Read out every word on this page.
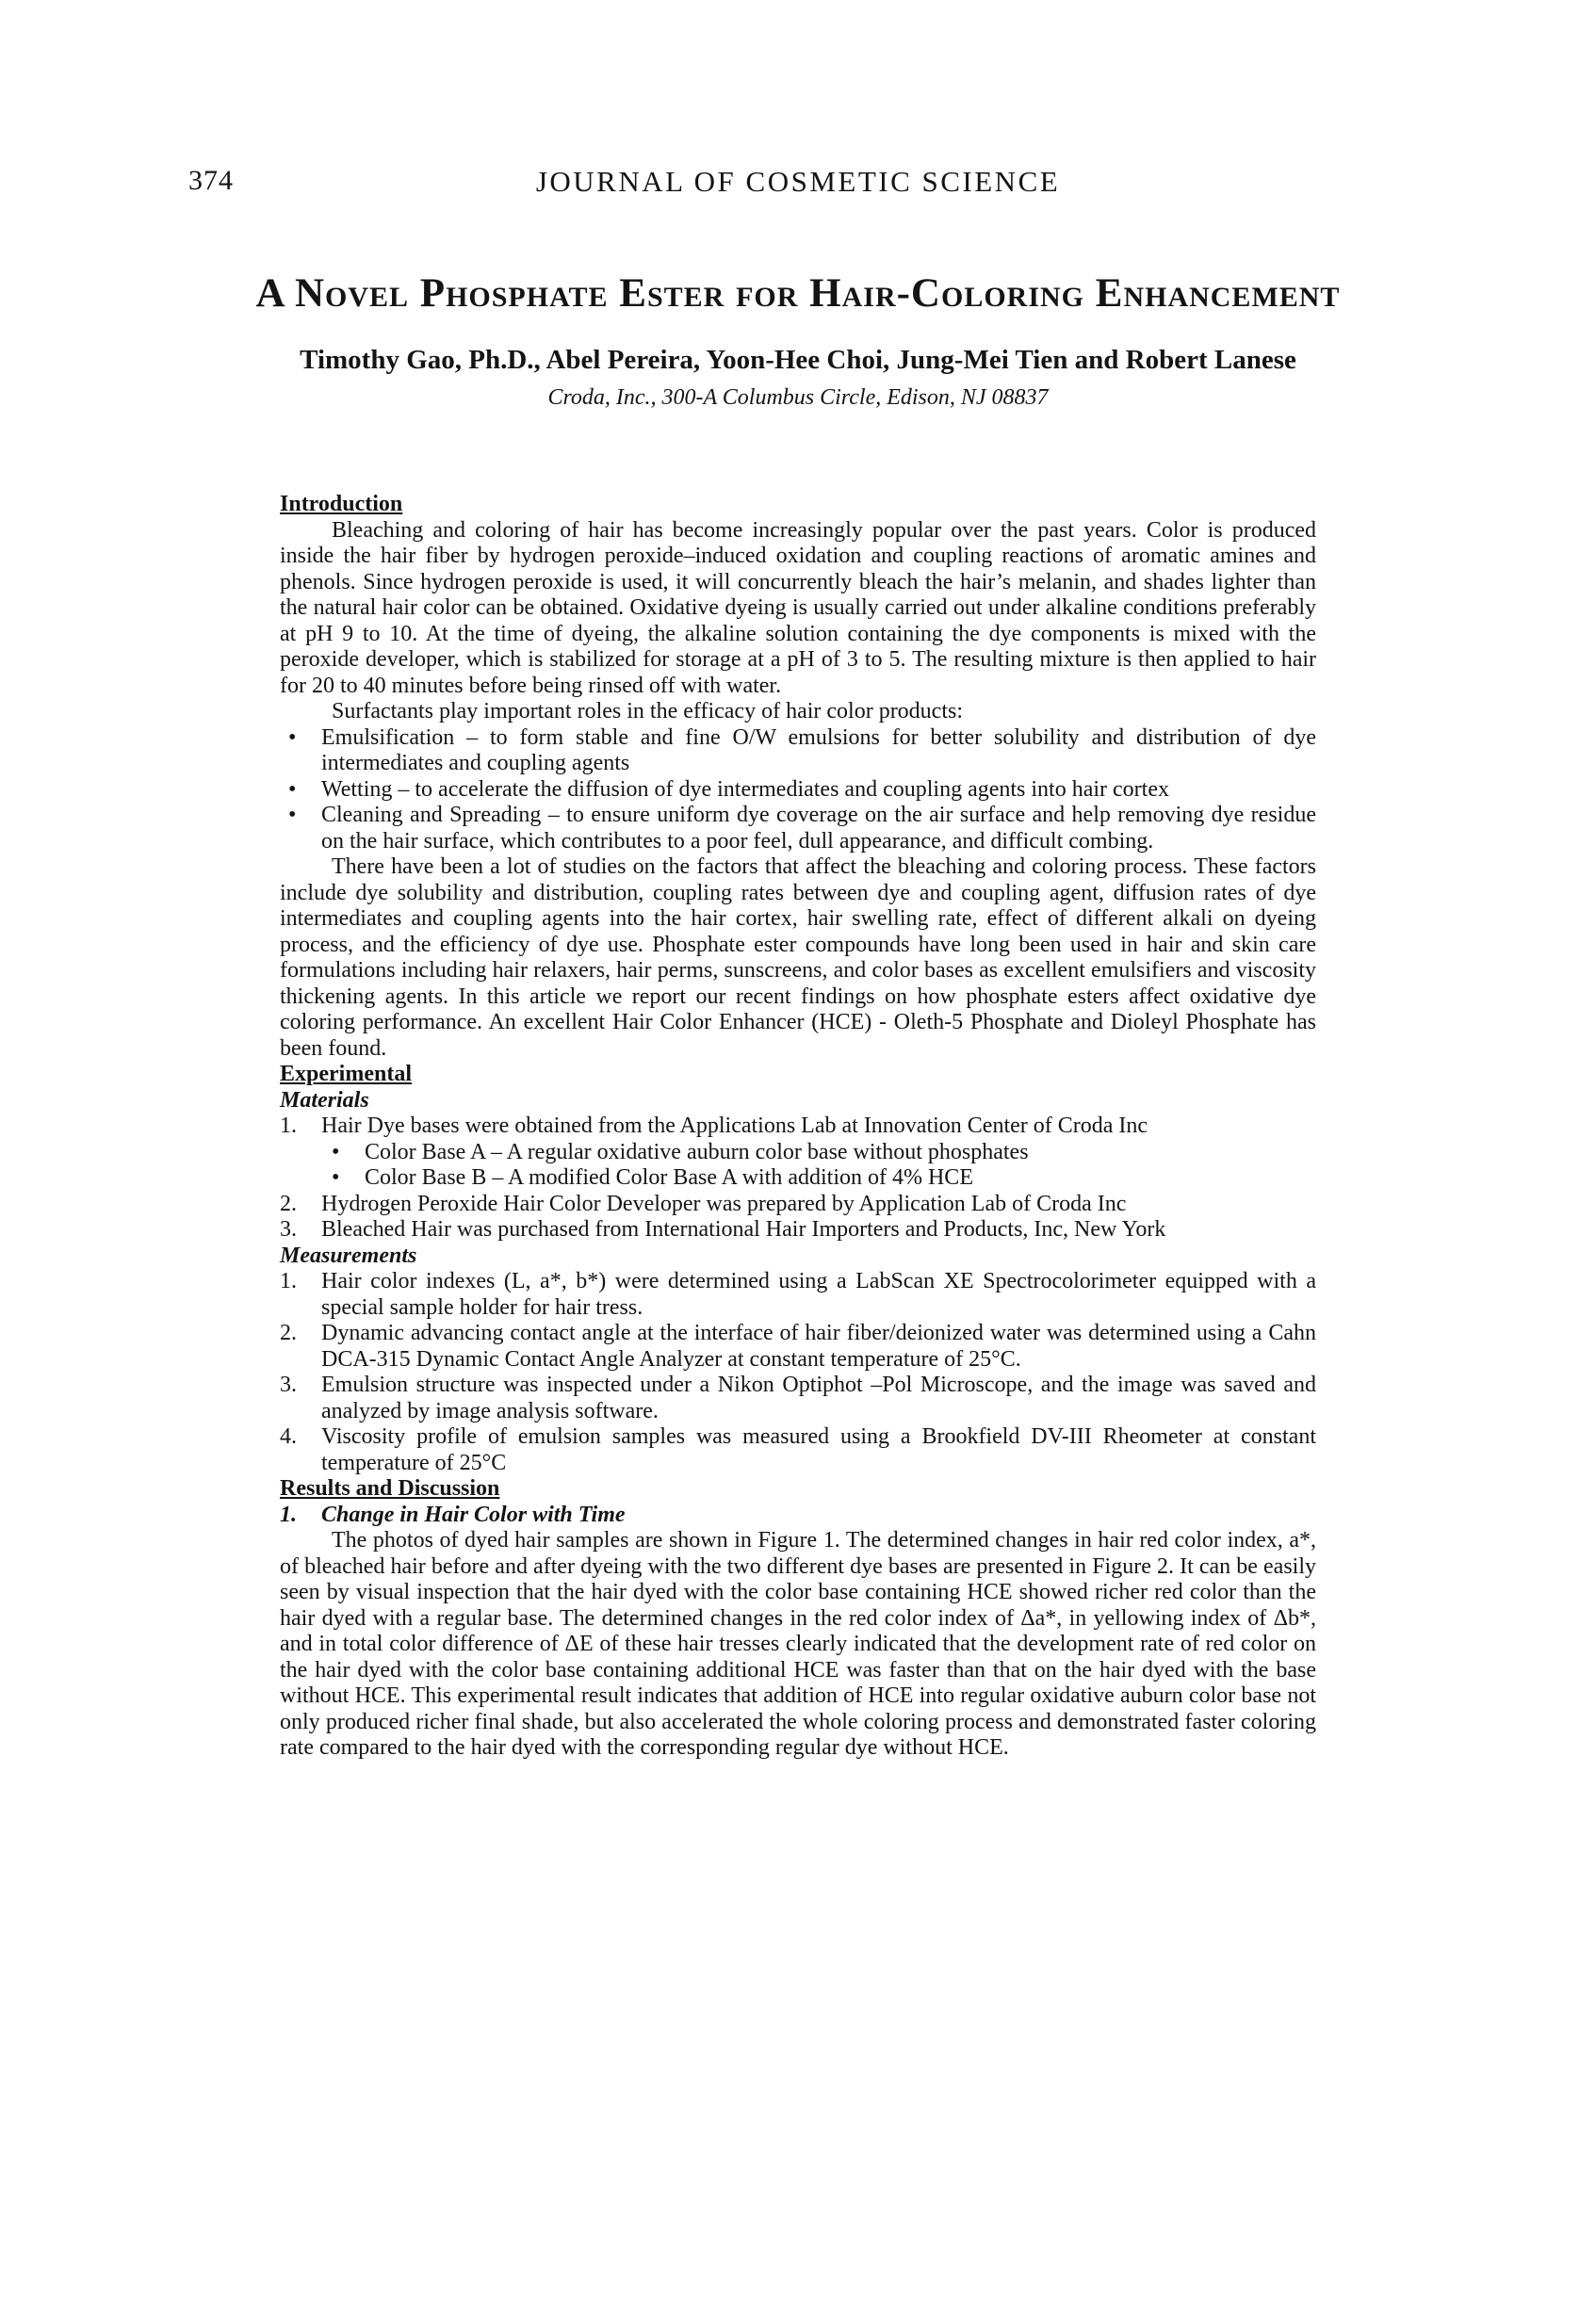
374	JOURNAL OF COSMETIC SCIENCE
A Novel Phosphate Ester for Hair-Coloring Enhancement
Timothy Gao, Ph.D., Abel Pereira, Yoon-Hee Choi, Jung-Mei Tien and Robert Lanese
Croda, Inc., 300-A Columbus Circle, Edison, NJ 08837
Introduction

Bleaching and coloring of hair has become increasingly popular over the past years. Color is produced inside the hair fiber by hydrogen peroxide–induced oxidation and coupling reactions of aromatic amines and phenols. Since hydrogen peroxide is used, it will concurrently bleach the hair’s melanin, and shades lighter than the natural hair color can be obtained. Oxidative dyeing is usually carried out under alkaline conditions preferably at pH 9 to 10. At the time of dyeing, the alkaline solution containing the dye components is mixed with the peroxide developer, which is stabilized for storage at a pH of 3 to 5. The resulting mixture is then applied to hair for 20 to 40 minutes before being rinsed off with water.

Surfactants play important roles in the efficacy of hair color products:

•	Emulsification – to form stable and fine O/W emulsions for better solubility and distribution of dye intermediates and coupling agents
•	Wetting – to accelerate the diffusion of dye intermediates and coupling agents into hair cortex
•	Cleaning and Spreading – to ensure uniform dye coverage on the air surface and help removing dye residue on the hair surface, which contributes to a poor feel, dull appearance, and difficult combing.

There have been a lot of studies on the factors that affect the bleaching and coloring process. These factors include dye solubility and distribution, coupling rates between dye and coupling agent, diffusion rates of dye intermediates and coupling agents into the hair cortex, hair swelling rate, effect of different alkali on dyeing process, and the efficiency of dye use. Phosphate ester compounds have long been used in hair and skin care formulations including hair relaxers, hair perms, sunscreens, and color bases as excellent emulsifiers and viscosity thickening agents. In this article we report our recent findings on how phosphate esters affect oxidative dye coloring performance. An excellent Hair Color Enhancer (HCE) - Oleth-5 Phosphate and Dioleyl Phosphate has been found.

Experimental
Materials
1.	Hair Dye bases were obtained from the Applications Lab at Innovation Center of Croda Inc
•	Color Base A – A regular oxidative auburn color base without phosphates
•	Color Base B – A modified Color Base A with addition of 4% HCE
2.	Hydrogen Peroxide Hair Color Developer was prepared by Application Lab of Croda Inc
3.	Bleached Hair was purchased from International Hair Importers and Products, Inc, New York
Measurements
1.	Hair color indexes (L, a*, b*) were determined using a LabScan XE Spectrocolorimeter equipped with a special sample holder for hair tress.
2.	Dynamic advancing contact angle at the interface of hair fiber/deionized water was determined using a Cahn DCA-315 Dynamic Contact Angle Analyzer at constant temperature of 25°C.
3.	Emulsion structure was inspected under a Nikon Optiphot –Pol Microscope, and the image was saved and analyzed by image analysis software.
4.	Viscosity profile of emulsion samples was measured using a Brookfield DV-III Rheometer at constant temperature of 25°C
Results and Discussion
1.	Change in Hair Color with Time

The photos of dyed hair samples are shown in Figure 1. The determined changes in hair red color index, a*, of bleached hair before and after dyeing with the two different dye bases are presented in Figure 2. It can be easily seen by visual inspection that the hair dyed with the color base containing HCE showed richer red color than the hair dyed with a regular base. The determined changes in the red color index of Δa*, in yellowing index of Δb*, and in total color difference of ΔE of these hair tresses clearly indicated that the development rate of red color on the hair dyed with the color base containing additional HCE was faster than that on the hair dyed with the base without HCE. This experimental result indicates that addition of HCE into regular oxidative auburn color base not only produced richer final shade, but also accelerated the whole coloring process and demonstrated faster coloring rate compared to the hair dyed with the corresponding regular dye without HCE.
